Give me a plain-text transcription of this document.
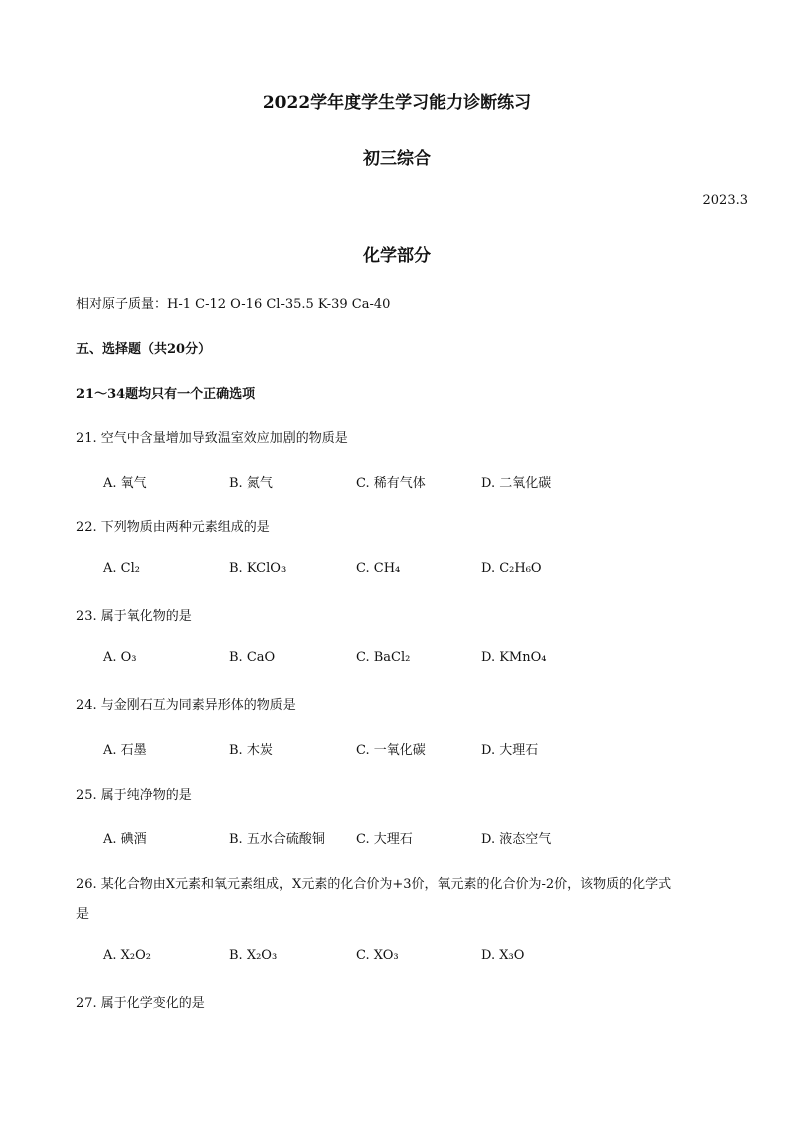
2022学年度学生学习能力诊断练习
初三综合
2023.3
化学部分
相对原子质量：H-1 C-12 O-16 Cl-35.5 K-39 Ca-40
五、选择题（共20分）
21～34题均只有一个正确选项
21. 空气中含量增加导致温室效应加剧的物质是
A. 氧气	B. 氮气	C. 稀有气体	D. 二氧化碳
22. 下列物质由两种元素组成的是
A. Cl₂	B. KClO₃	C. CH₄	D. C₂H₆O
23. 属于氧化物的是
A. O₃	B. CaO	C. BaCl₂	D. KMnO₄
24. 与金刚石互为同素异形体的物质是
A. 石墨	B. 木炭	C. 一氧化碳	D. 大理石
25. 属于纯净物的是
A. 碘酒	B. 五水合硫酸铜 C. 大理石	D. 液态空气
26. 某化合物由X元素和氧元素组成，X元素的化合价为+3价，氧元素的化合价为-2价，该物质的化学式
是
A. X₂O₂	B. X₂O₃	C. XO₃	D. X₃O
27. 属于化学变化的是
